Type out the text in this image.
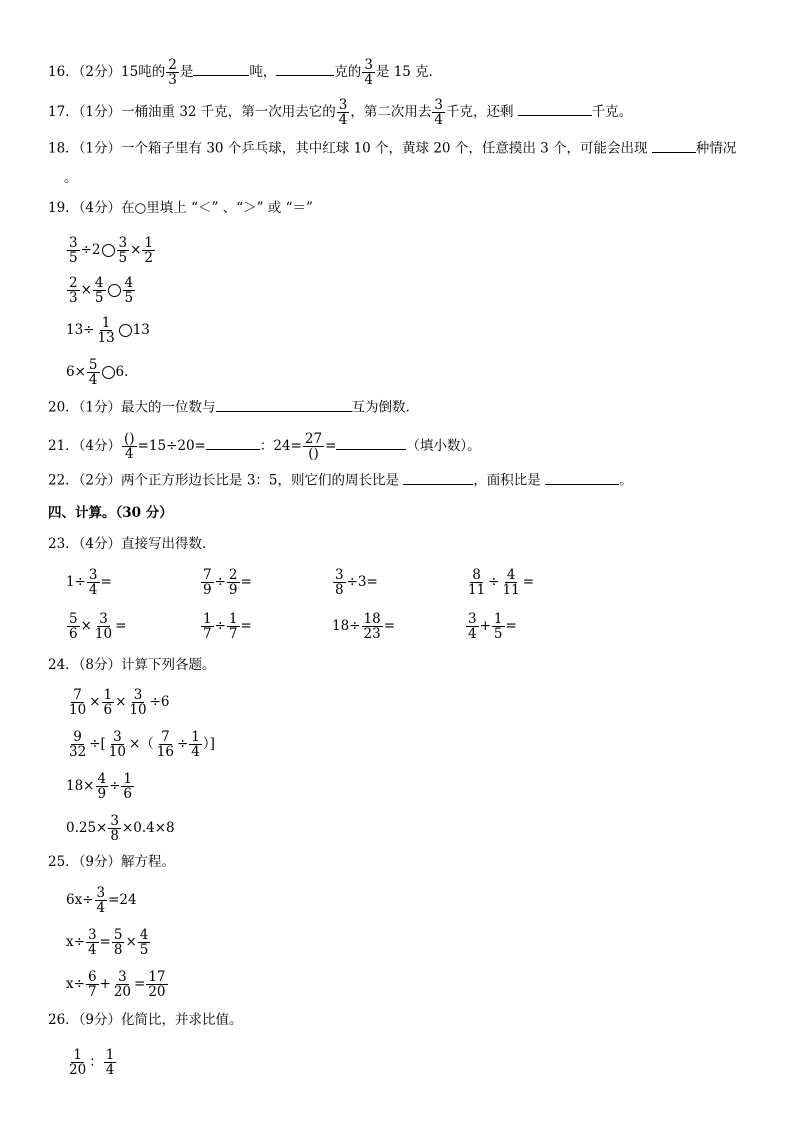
16．（2分）15吨的 $\frac{2}{3}$ 是	吨，	克的 $\frac{3}{4}$ 是 15 克．
17．（1分）一桶油重 32 千克，第一次用去它的 $\frac{3}{4}$ ，第二次用去 $\frac{3}{4}$ 千克，还剩	千克。
18．（1分）一个箱子里有 30 个乒乓球，其中红球 10 个，黄球 20 个，任意摸出 3 个，可能会出现	种情况
。
19．（4分）在○里填上 “＜” 、“＞” 或 “＝”
$\frac{3}{5} \div 2 \frac{3}{5} \times \frac{1}{2}$
$\frac{2}{3} \times \frac{4}{5} \frac{4}{5}$
$13\div \frac{1}{13} 13$
$6\times \frac{5}{4} 6$.
20．（1分）最大的一位数与	互为倒数.
21．（4分） $\frac{()}{4} =15\div 20=$	：$24= \frac{27}{()}$ =	（填小数）。
22．（2分）两个正方形边长比是 3：5，则它们的周长比是	，面积比是	。
四、计算。（30 分）
23．（4分）直接写出得数.
$1\div \frac{3}{4}$ =	$\frac{7}{9} \div \frac{2}{9}$ =	$\frac{3}{8} \div 3=$	$\frac{8}{11} \div \frac{4}{11}$ =
$\frac{5}{6} \times \frac{3}{10}$ =	$\frac{1}{7} \div \frac{1}{7}$ =	$18\div \frac{18}{23}$ =	$\frac{3}{4} + \frac{1}{5}$ =
24．（8分）计算下列各题。
$\frac{7}{10} \times \frac{1}{6} \times \frac{3}{10} \div 6$
$\frac{9}{32}$ ÷[ $\frac{3}{10}$ ×（ $\frac{7}{16} \div \frac{1}{4}$ ）]
$18\times \frac{4}{9} \div \frac{1}{6}$
$0.25\times \frac{3}{8} \times 0.4\times 8$
25．（9分）解方程。
$6x\div \frac{3}{4} =24$
$x\div \frac{3}{4} = \frac{5}{8} \times \frac{4}{5}$
$x\div \frac{6}{7} + \frac{3}{20} = \frac{17}{20}$
26．（9分）化简比，并求比值。
$\frac{1}{20}$ ： $\frac{1}{4}$
